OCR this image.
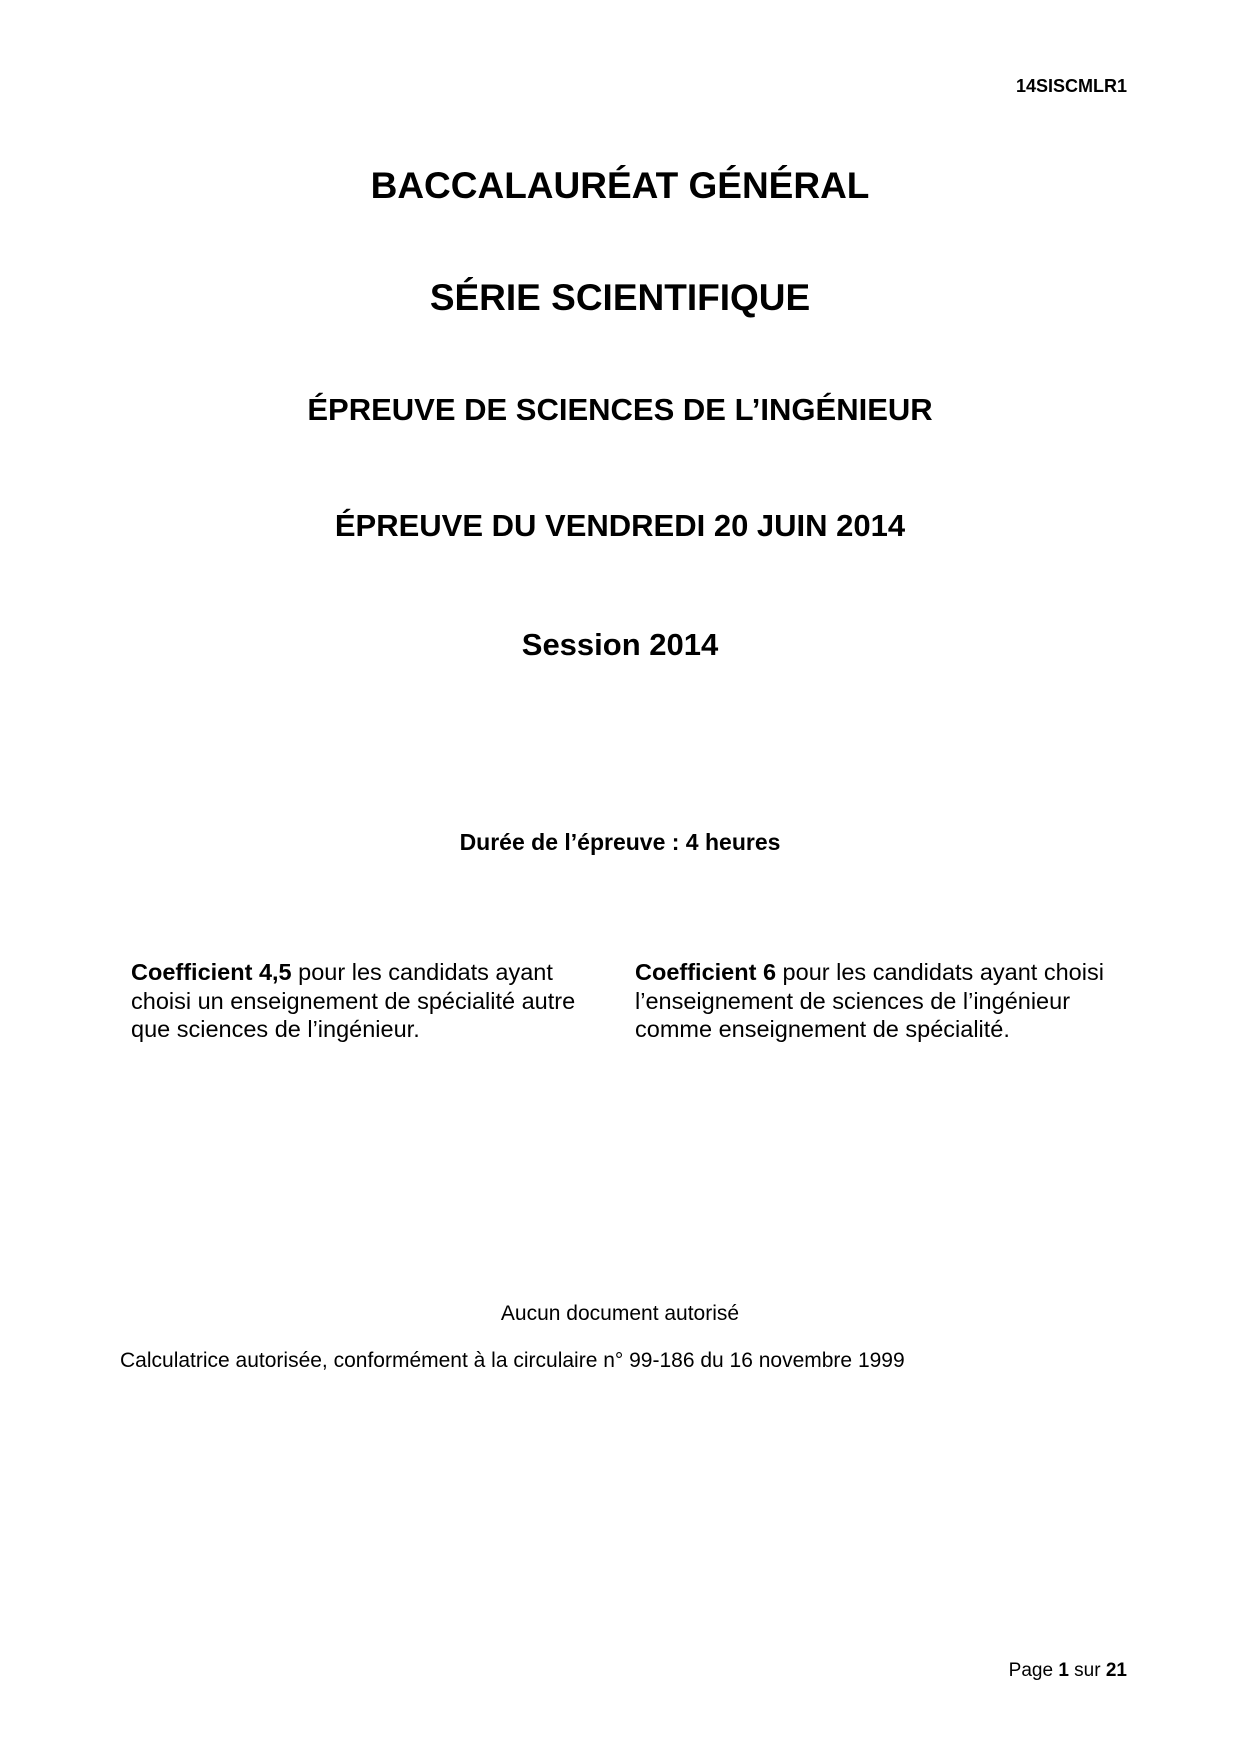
14SISCMLR1
BACCALAURÉAT GÉNÉRAL
SÉRIE SCIENTIFIQUE
ÉPREUVE DE SCIENCES DE L’INGÉNIEUR
ÉPREUVE DU VENDREDI 20 JUIN 2014
Session 2014
Durée de l’épreuve : 4 heures
Coefficient 4,5 pour les candidats ayant choisi un enseignement de spécialité autre que sciences de l’ingénieur.
Coefficient 6 pour les candidats ayant choisi l’enseignement de sciences de l’ingénieur comme enseignement de spécialité.
Aucun document autorisé
Calculatrice autorisée, conformément à la circulaire n° 99-186 du 16 novembre 1999
Page 1 sur 21
